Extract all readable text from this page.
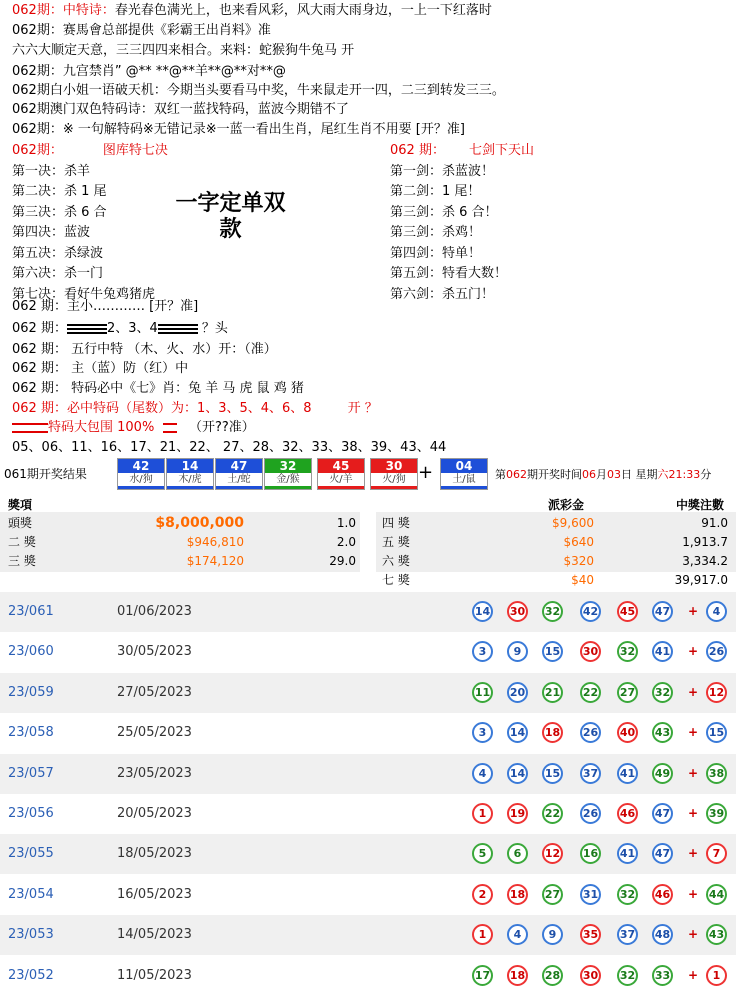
062期：中特诗：春光春色满光上，也来看风彩，风大雨大雨身边，一上一下红落时
062期：赛馬會总部提供《彩霸王出肖料》准
六六大顺定天意，三三四四来相合。来料：蛇猴狗牛兔马 开
062期：九宫禁肖” @** **@**羊**@**对**@
062期白小姐一语破天机：今期当头要看马中奖，牛来鼠走开一四，二三到转发三三。
062期澳门双色特码诗：双红一蓝找特码，蓝波今期错不了
062期：※ 一句解特码※无错记录※一蓝一看出生肖，尾红生肖不用要 [开？准]
062期：	图库特七决
第一决：杀羊
第二决：杀 1 尾
第三决：杀 6 合
第四决：蓝波
第五决：杀绿波
第六决：杀一门
第七决：看好牛兔鸡猪虎
一字定单双款
062 期： 七剑下天山
第一剑：杀蓝波！
第二剑：1 尾！
第三剑：杀 6 合！
第三剑：杀鸡！
第四剑：特单！
第五剑：特看大数！
第六剑：杀五门！
062 期：主小………… [开？准]
062 期：	2、3、4	？头
062 期： 五行中特 （木、火、水）开：（准）
062 期： 主（蓝）防（红）中
062 期： 特码必中《七》肖：兔 羊 马 虎 鼠 鸡 猪
062 期：必中特码（尾数）为：1、3、5、4、6、8	开 ？
特码大包围 100%	（开??准）
05、06、11、16、17、21、22、 27、28、32、33、38、39、43、44
061期开奖结果
42
水/狗
14
木/虎
47
土/蛇
32
金/猴
45
火/羊
30
火/狗
04
土/鼠
+	第062期开奖时间06月03日 星期六21:33分
獎項	派彩金	中獎注數
頭獎	$8,000,000	1.0
二 獎	$946,810	2.0
三 獎	$174,120	29.0
四 獎	$9,600	91.0
五 獎	$640	1,913.7
六 獎	$320	3,334.2
七 獎	$40	39,917.0
23/061	01/06/2023	14 30 32 42 45 47 +	4
23/060	30/05/2023	3	9	15 30 32 41 + 26
23/059	27/05/2023	11 20 21 22 27 32 + 12
23/058	25/05/2023	3	14 18 26 40 43 + 15
23/057	23/05/2023	4	14 15 37 41 49 + 38
23/056	20/05/2023	1	19 22 26 46 47 + 39
23/055	18/05/2023	5	6	12 16 41 47 +	7
23/054	16/05/2023	2	18 27 31 32 46 + 44
23/053	14/05/2023	1	4	9	35 37 48 + 43
23/052	11/05/2023	17 18 28 30 32 33 +	1
